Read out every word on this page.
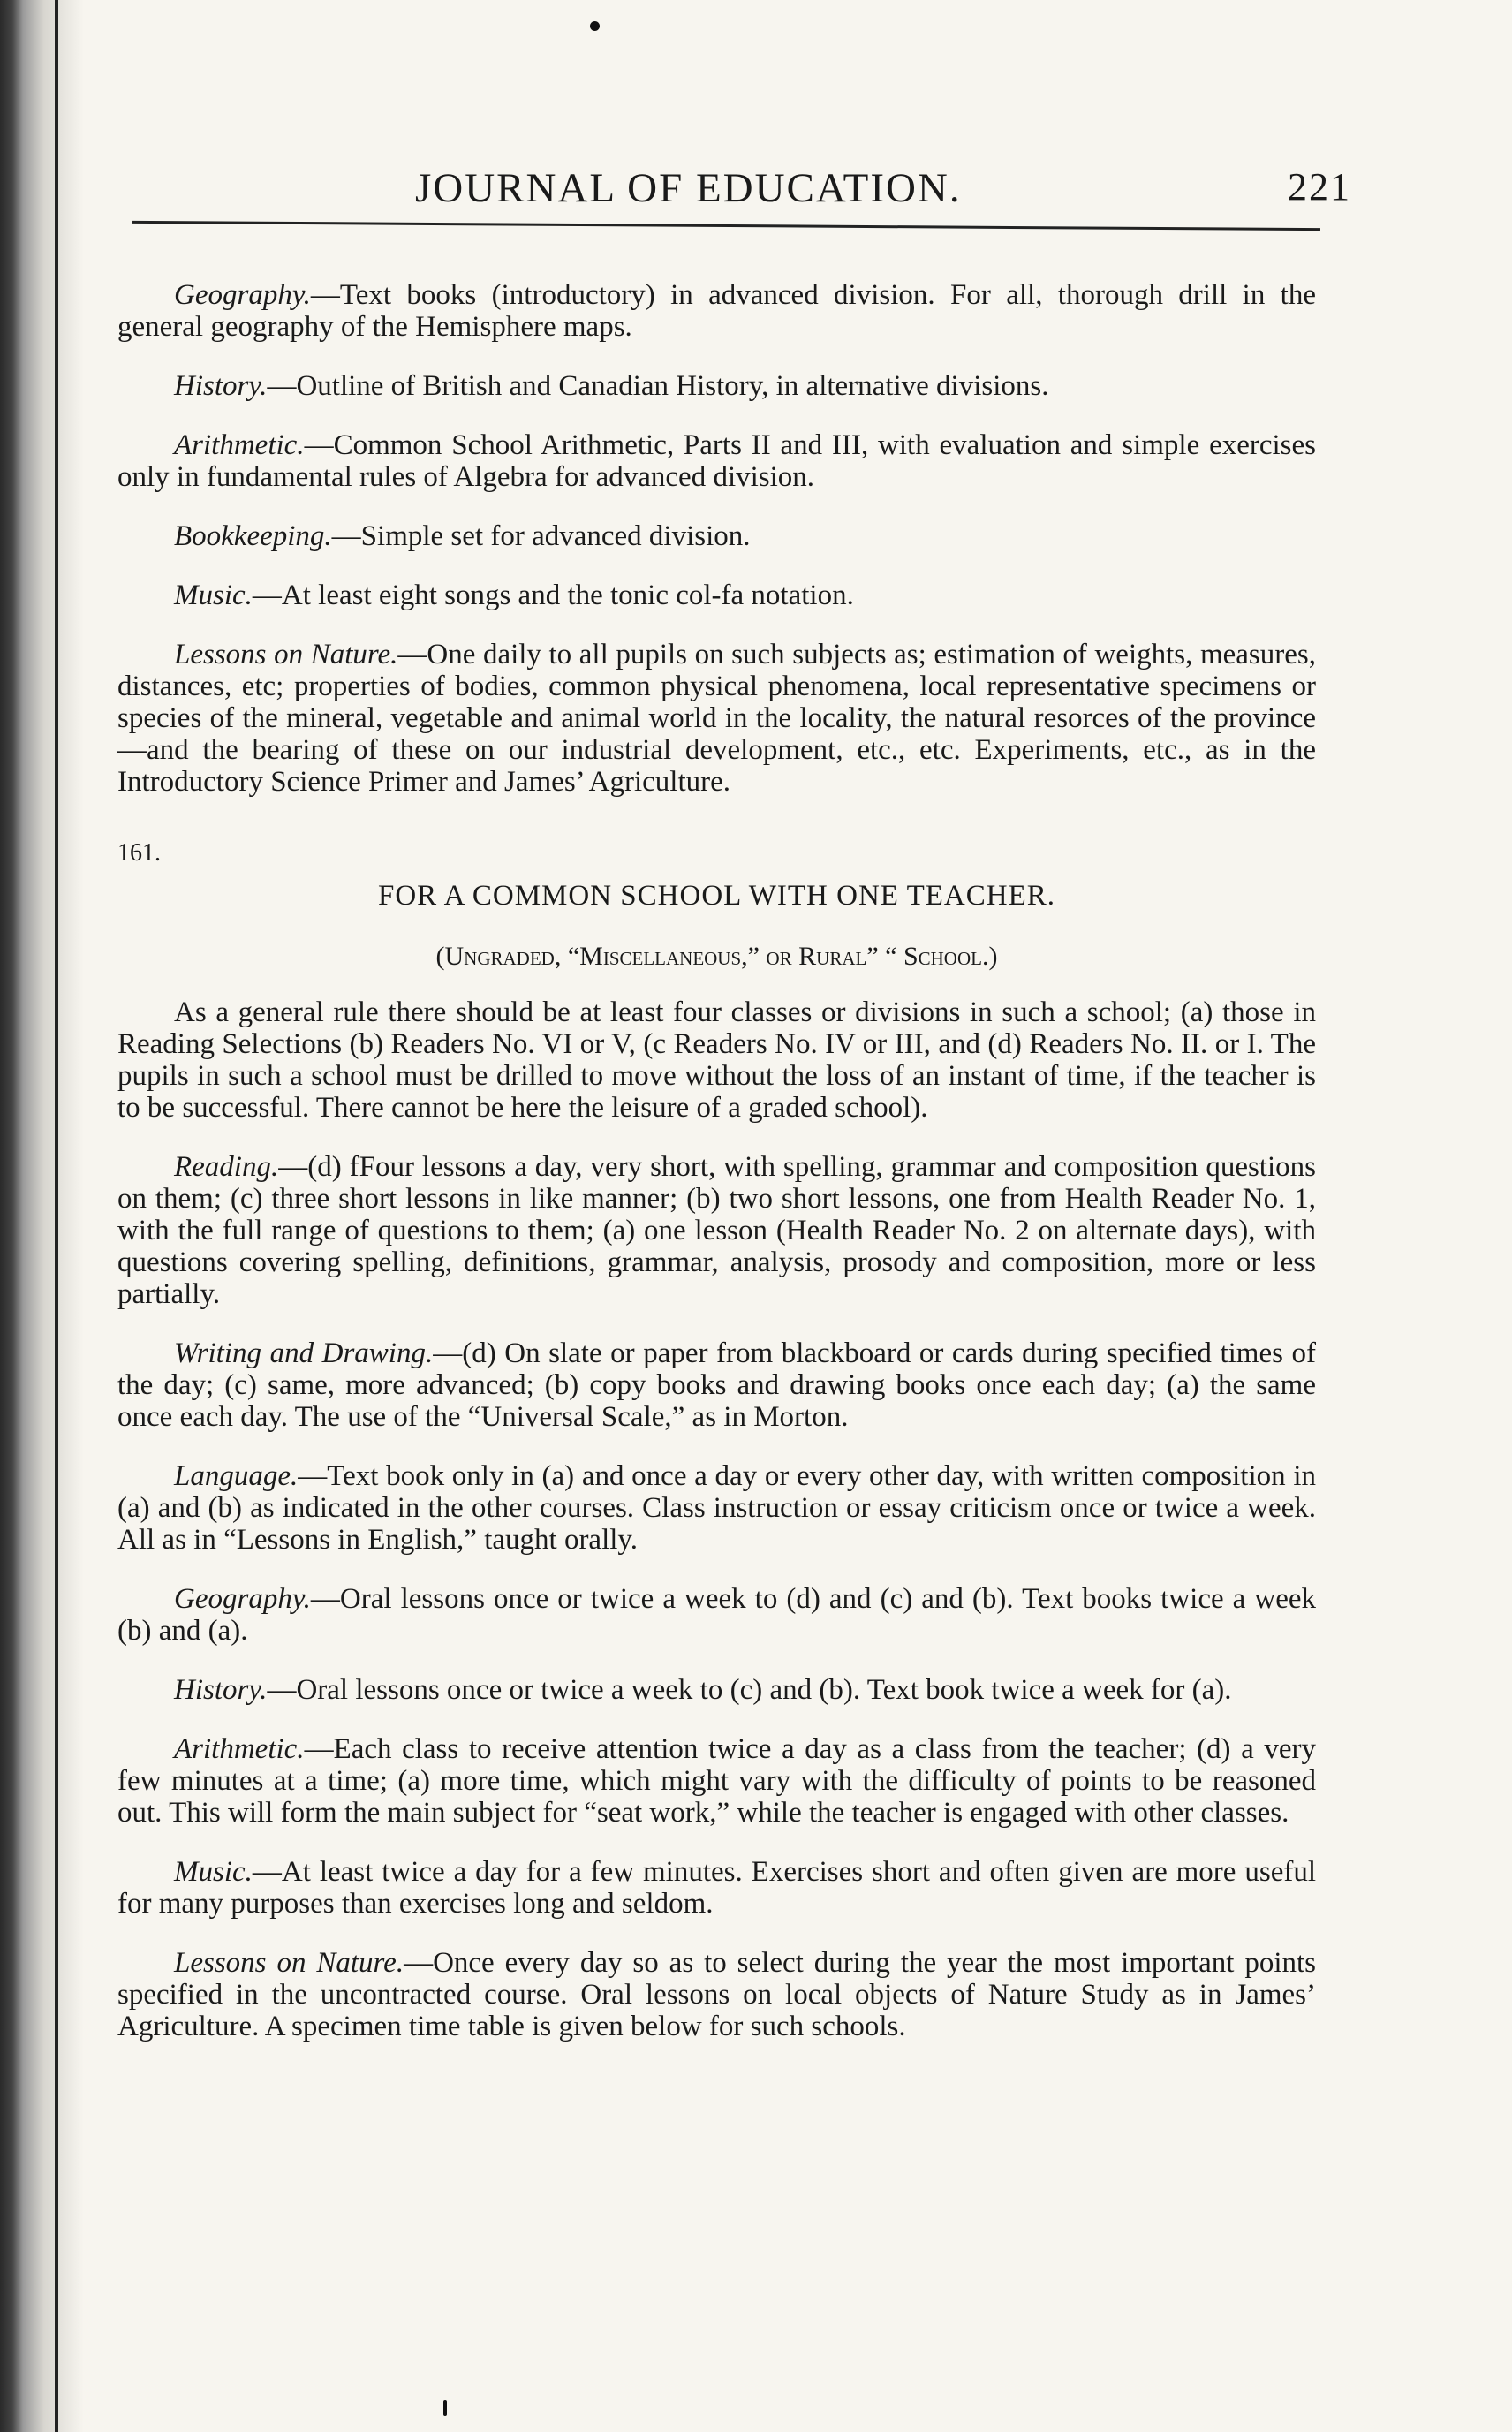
JOURNAL OF EDUCATION.	221

Geography.—Text books (introductory) in advanced division. For all, thorough drill in the general geography of the Hemisphere maps.

History.—Outline of British and Canadian History, in alternative divisions.

Arithmetic.—Common School Arithmetic, Parts II and III, with evaluation and simple exercises only in fundamental rules of Algebra for advanced division.

Bookkeeping.—Simple set for advanced division.

Music.—At least eight songs and the tonic col-fa notation.

Lessons on Nature.—One daily to all pupils on such subjects as; estimation of weights, measures, distances, etc; properties of bodies, common physical phenomena, local representative specimens or species of the mineral, vegetable and animal world in the locality, the natural resorces of the province—and the bearing of these on our industrial development, etc., etc. Experiments, etc., as in the Introductory Science Primer and James’ Agriculture.

161.
FOR A COMMON SCHOOL WITH ONE TEACHER.
(Ungraded, “Miscellaneous,” or Rural” “ School.)

As a general rule there should be at least four classes or divisions in such a school; (a) those in Reading Selections (b) Readers No. VI or V, (c Readers No. IV or III, and (d) Readers No. II. or I. The pupils in such a school must be drilled to move without the loss of an instant of time, if the teacher is to be successful. There cannot be here the leisure of a graded school).

Reading.—(d) fFour lessons a day, very short, with spelling, grammar and composition questions on them; (c) three short lessons in like manner; (b) two short lessons, one from Health Reader No. 1, with the full range of questions to them; (a) one lesson (Health Reader No. 2 on alternate days), with questions covering spelling, definitions, grammar, analysis, prosody and composition, more or less partially.

Writing and Drawing.—(d) On slate or paper from blackboard or cards during specified times of the day; (c) same, more advanced; (b) copy books and drawing books once each day; (a) the same once each day. The use of the “Universal Scale,” as in Morton.

Language.—Text book only in (a) and once a day or every other day, with written composition in (a) and (b) as indicated in the other courses. Class instruction or essay criticism once or twice a week. All as in “Lessons in English,” taught orally.

Geography.—Oral lessons once or twice a week to (d) and (c) and (b). Text books twice a week (b) and (a).

History.—Oral lessons once or twice a week to (c) and (b). Text book twice a week for (a).

Arithmetic.—Each class to receive attention twice a day as a class from the teacher; (d) a very few minutes at a time; (a) more time, which might vary with the difficulty of points to be reasoned out. This will form the main subject for “seat work,” while the teacher is engaged with other classes.

Music.—At least twice a day for a few minutes. Exercises short and often given are more useful for many purposes than exercises long and seldom.

Lessons on Nature.—Once every day so as to select during the year the most important points specified in the uncontracted course. Oral lessons on local objects of Nature Study as in James’ Agriculture. A specimen time table is given below for such schools.
